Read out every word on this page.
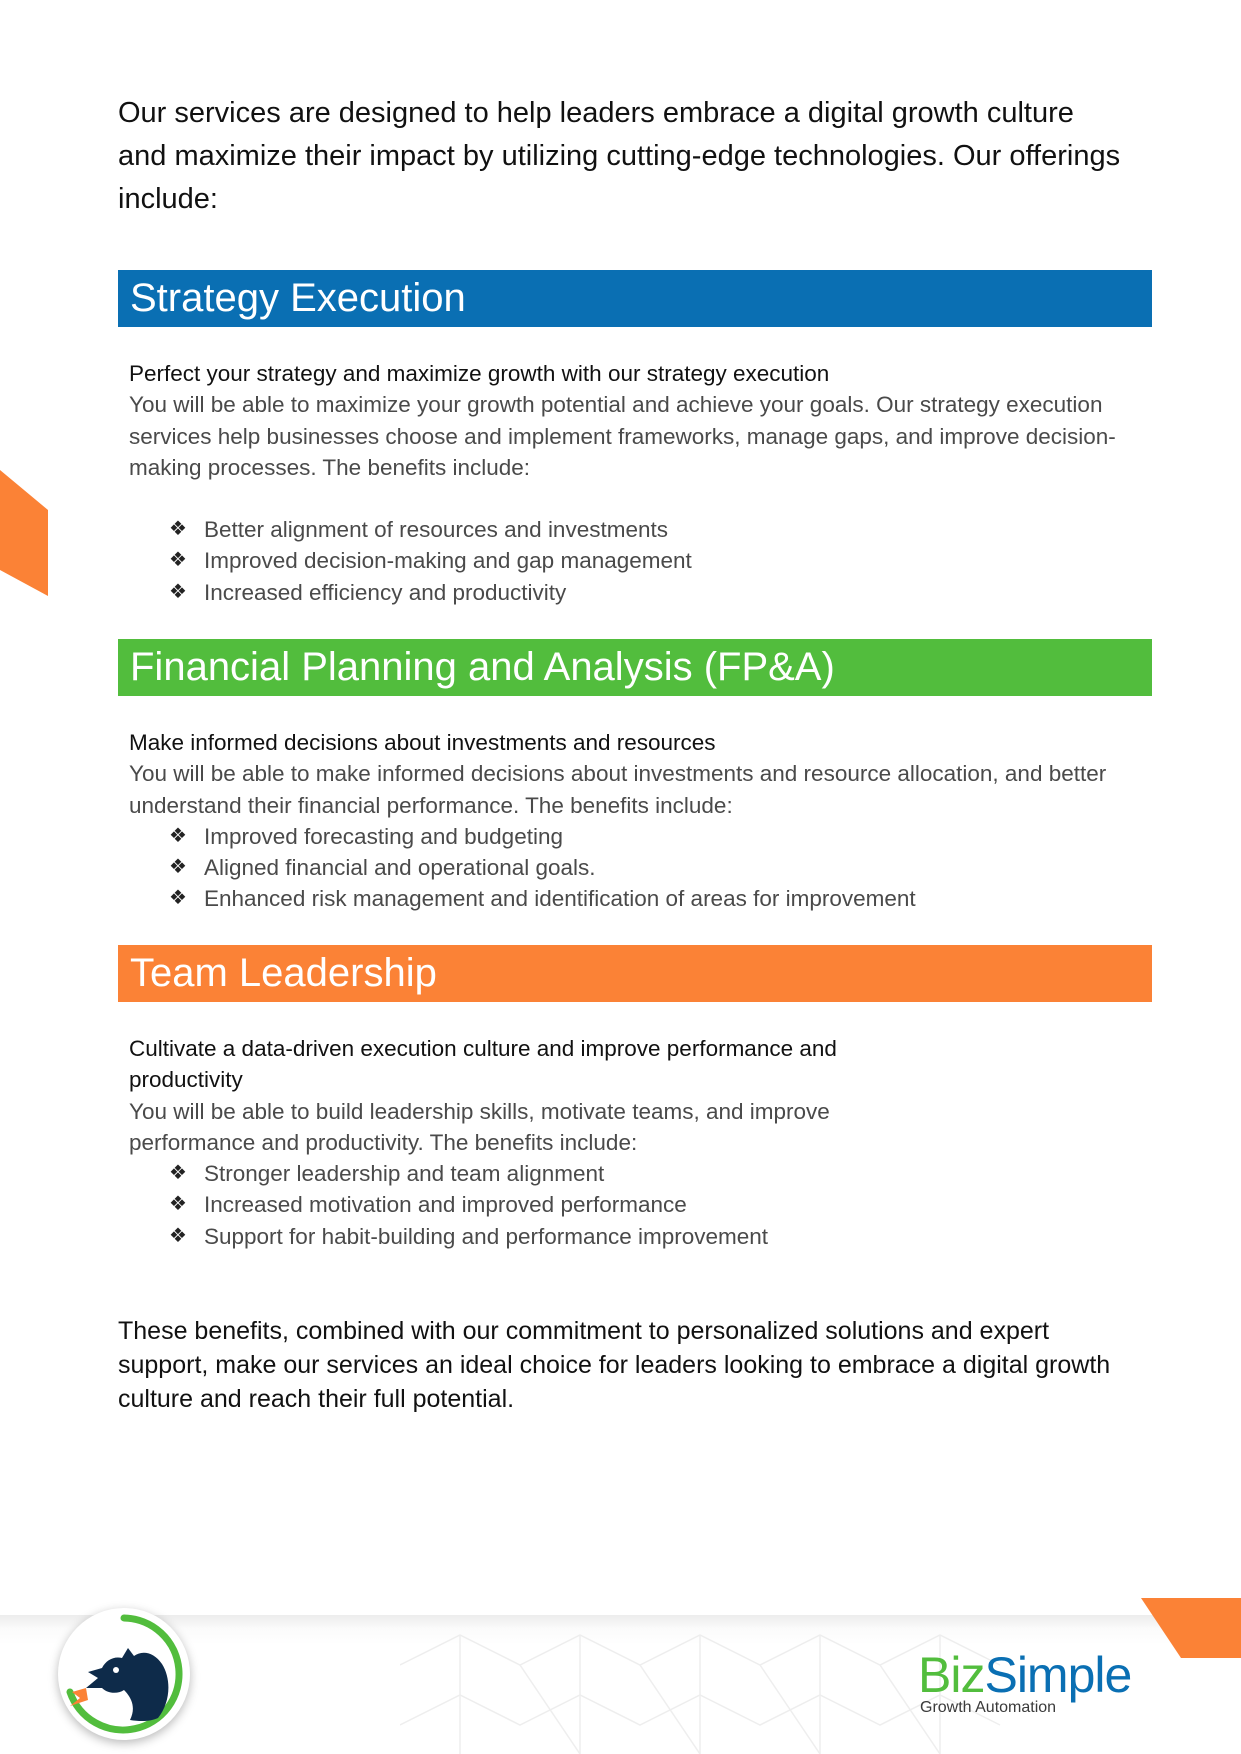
Our services are designed to help leaders embrace a digital growth culture and maximize their impact by utilizing cutting-edge technologies. Our offerings include:

Strategy Execution
Perfect your strategy and maximize growth with our strategy execution
You will be able to maximize your growth potential and achieve your goals. Our strategy execution services help businesses choose and implement frameworks, manage gaps, and improve decision-making processes. The benefits include:
❖ Better alignment of resources and investments
❖ Improved decision-making and gap management
❖ Increased efficiency and productivity
Financial Planning and Analysis (FP&A)
Make informed decisions about investments and resources
You will be able to make informed decisions about investments and resource allocation, and better understand their financial performance. The benefits include:
❖ Improved forecasting and budgeting
❖ Aligned financial and operational goals.
❖ Enhanced risk management and identification of areas for improvement
Team Leadership
Cultivate a data-driven execution culture and improve performance and productivity
You will be able to build leadership skills, motivate teams, and improve performance and productivity. The benefits include:
❖ Stronger leadership and team alignment
❖ Increased motivation and improved performance
❖ Support for habit-building and performance improvement

These benefits, combined with our commitment to personalized solutions and expert support, make our services an ideal choice for leaders looking to embrace a digital growth culture and reach their full potential.

BizSimple
Growth Automation
